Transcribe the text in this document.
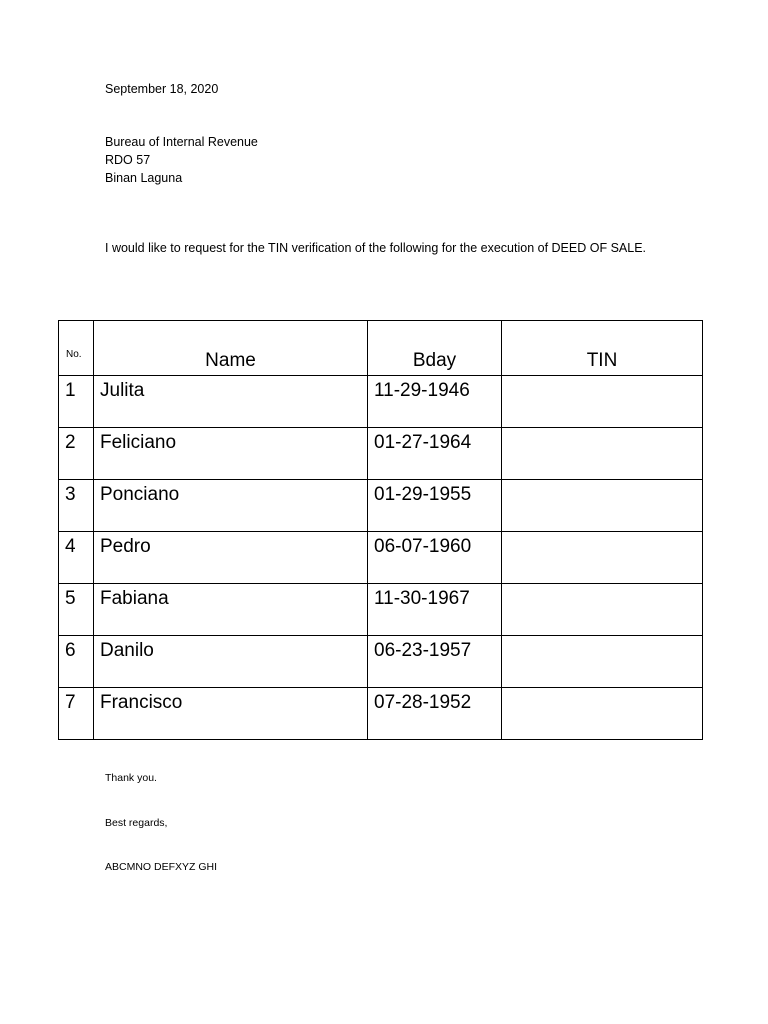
September 18, 2020
Bureau of Internal Revenue
RDO 57
Binan Laguna
I would like to request for the TIN verification of the following for the execution of DEED OF SALE.
No.	Name	Bday	TIN

1	Julita	11-29-1946	

2	Feliciano	01-27-1964	

3	Ponciano	01-29-1955	

4	Pedro	06-07-1960	

5	Fabiana	11-30-1967	

6	Danilo	06-23-1957	

7	Francisco	07-28-1952	

Thank you.
Best regards,
ABCMNO DEFXYZ GHI
